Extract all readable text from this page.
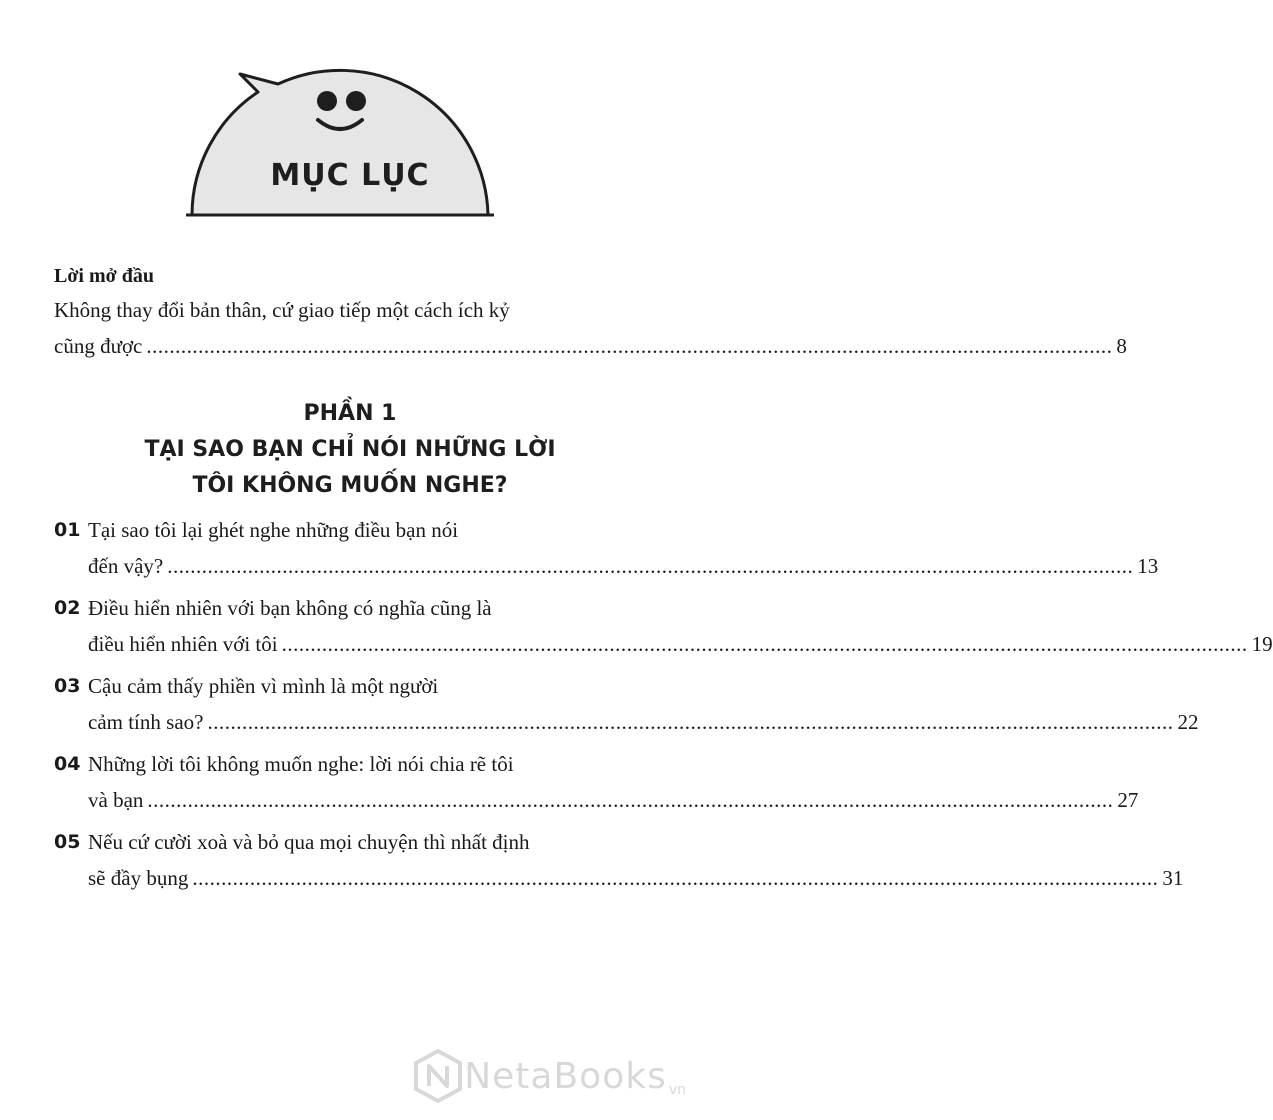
MỤC LỤC
Lời mở đầu
Không thay đổi bản thân, cứ giao tiếp một cách ích kỷ
cũng được ........................................................................................................................................................................ 8
PHẦN 1
TẠI SAO BẠN CHỈ NÓI NHỮNG LỜI
TÔI KHÔNG MUỐN NGHE?
01 Tại sao tôi lại ghét nghe những điều bạn nói
đến vậy? ........................................................................................................................................................................ 13
02 Điều hiển nhiên với bạn không có nghĩa cũng là
điều hiển nhiên với tôi ........................................................................................................................................................................ 19
03 Cậu cảm thấy phiền vì mình là một người
cảm tính sao? ........................................................................................................................................................................ 22
04 Những lời tôi không muốn nghe: lời nói chia rẽ tôi
và bạn ........................................................................................................................................................................ 27
05 Nếu cứ cười xoà và bỏ qua mọi chuyện thì nhất định
sẽ đầy bụng ........................................................................................................................................................................ 31
NetaBooks vn
